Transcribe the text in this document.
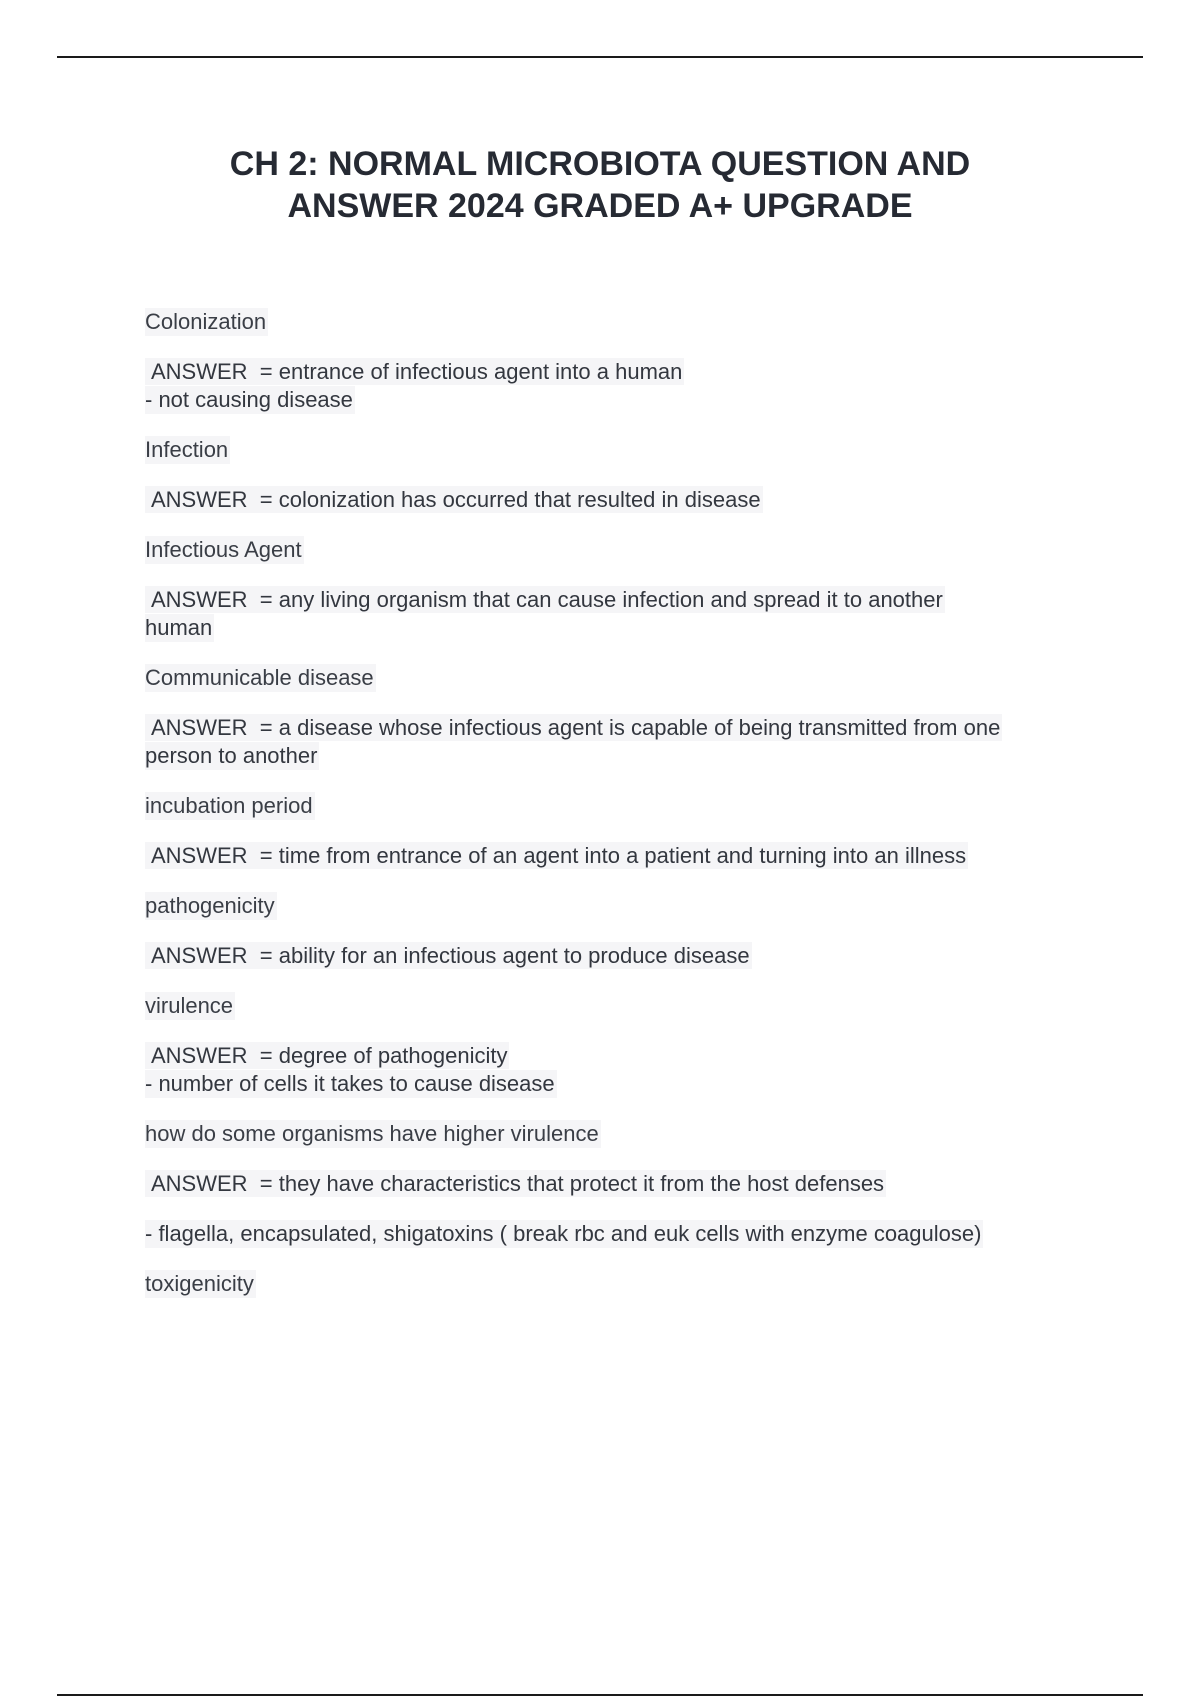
CH 2: NORMAL MICROBIOTA QUESTION AND
ANSWER 2024 GRADED A+ UPGRADE
Colonization
ANSWER = entrance of infectious agent into a human
- not causing disease
Infection
ANSWER = colonization has occurred that resulted in disease
Infectious Agent
ANSWER = any living organism that can cause infection and spread it to another
human
Communicable disease
ANSWER = a disease whose infectious agent is capable of being transmitted from one
person to another
incubation period
ANSWER = time from entrance of an agent into a patient and turning into an illness
pathogenicity
ANSWER = ability for an infectious agent to produce disease
virulence
ANSWER = degree of pathogenicity
- number of cells it takes to cause disease
how do some organisms have higher virulence
ANSWER = they have characteristics that protect it from the host defenses
- flagella, encapsulated, shigatoxins ( break rbc and euk cells with enzyme coagulose)
toxigenicity
